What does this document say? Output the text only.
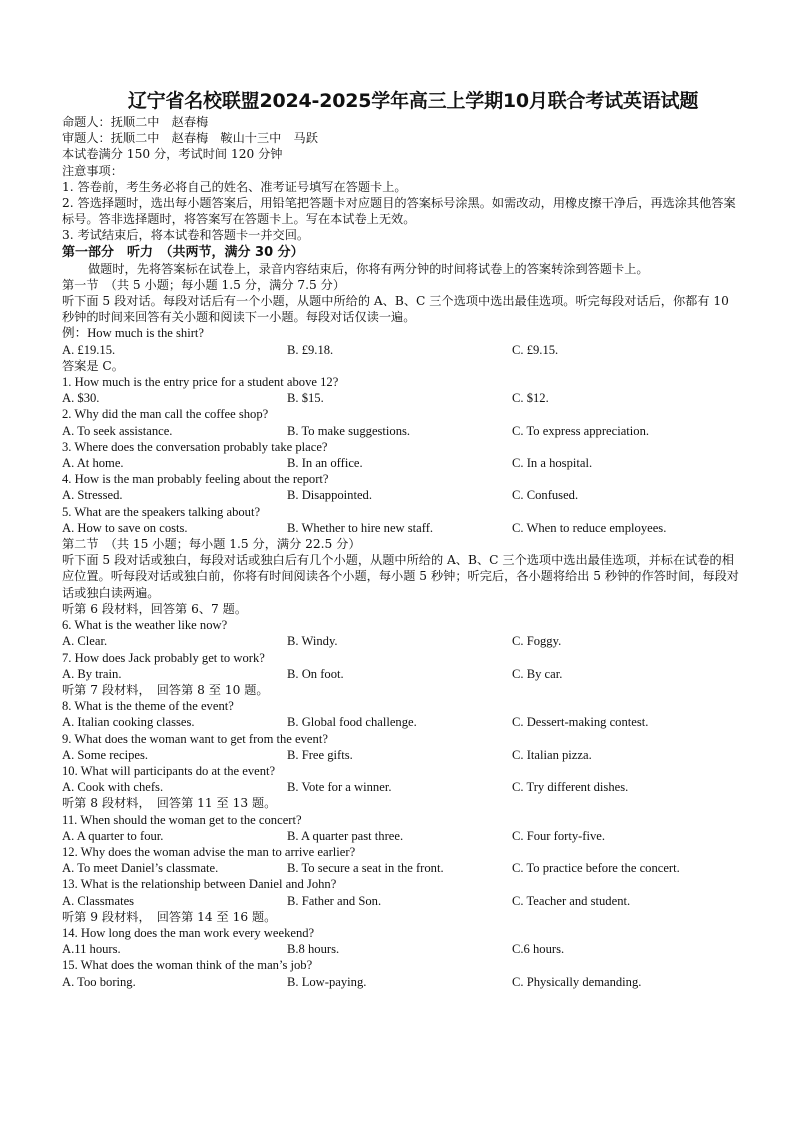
辽宁省名校联盟2024-2025学年高三上学期10月联合考试英语试题
命题人：抚顺二中　赵春梅
审题人：抚顺二中　赵春梅　鞍山十三中　马跃
本试卷满分 150 分，考试时间 120 分钟
注意事项：
1. 答卷前，考生务必将自己的姓名、准考证号填写在答题卡上。
2. 答选择题时，选出每小题答案后，用铅笔把答题卡对应题目的答案标号涂黑。如需改动，用橡皮擦干净后，再选涂其他答案标号。答非选择题时，将答案写在答题卡上。写在本试卷上无效。
3. 考试结束后，将本试卷和答题卡一并交回。
第一部分　听力　（共两节，满分 30 分）
做题时，先将答案标在试卷上，录音内容结束后，你将有两分钟的时间将试卷上的答案转涂到答题卡上。
第一节　（共 5 小题；每小题 1.5 分，满分 7.5 分）
听下面 5 段对话。每段对话后有一个小题，从题中所给的 A、B、C 三个选项中选出最佳选项。听完每段对话后，你都有 10 秒钟的时间来回答有关小题和阅读下一小题。每段对话仅读一遍。
例：How much is the shirt?
A. £19.15.	B. £9.18.	C. £9.15.
答案是 C。
1. How much is the entry price for a student above 12?
A. $30.	B. $15.	C. $12.
2. Why did the man call the coffee shop?
A. To seek assistance.	B. To make suggestions.	C. To express appreciation.
3. Where does the conversation probably take place?
A. At home.	B. In an office.	C. In a hospital.
4. How is the man probably feeling about the report?
A. Stressed.	B. Disappointed.	C. Confused.
5. What are the speakers talking about?
A. How to save on costs.	B. Whether to hire new staff.	C. When to reduce employees.
第二节　（共 15 小题；每小题 1.5 分，满分 22.5 分）
听下面 5 段对话或独白，每段对话或独白后有几个小题，从题中所给的 A、B、C 三个选项中选出最佳选项，并标在试卷的相应位置。听每段对话或独白前，你将有时间阅读各个小题，每小题 5 秒钟；听完后，各小题将给出 5 秒钟的作答时间，每段对话或独白读两遍。
听第 6 段材料，回答第 6、7 题。
6. What is the weather like now?
A. Clear.	B. Windy.	C. Foggy.
7. How does Jack probably get to work?
A. By train.	B. On foot.	C. By car.
听第 7 段材料，　回答第 8 至 10 题。
8. What is the theme of the event?
A. Italian cooking classes.	B. Global food challenge.	C. Dessert-making contest.
9. What does the woman want to get from the event?
A. Some recipes.	B. Free gifts.	C. Italian pizza.
10. What will participants do at the event?
A. Cook with chefs.	B. Vote for a winner.	C. Try different dishes.
听第 8 段材料，　回答第 11 至 13 题。
11. When should the woman get to the concert?
A. A quarter to four.	B. A quarter past three.	C. Four forty-five.
12. Why does the woman advise the man to arrive earlier?
A. To meet Daniel’s classmate.	B. To secure a seat in the front.	C. To practice before the concert.
13. What is the relationship between Daniel and John?
A. Classmates	B. Father and Son.	C. Teacher and student.
听第 9 段材料，　回答第 14 至 16 题。
14. How long does the man work every weekend?
A.11 hours.	B.8 hours.	C.6 hours.
15. What does the woman think of the man’s job?
A. Too boring.	B. Low-paying.	C. Physically demanding.
